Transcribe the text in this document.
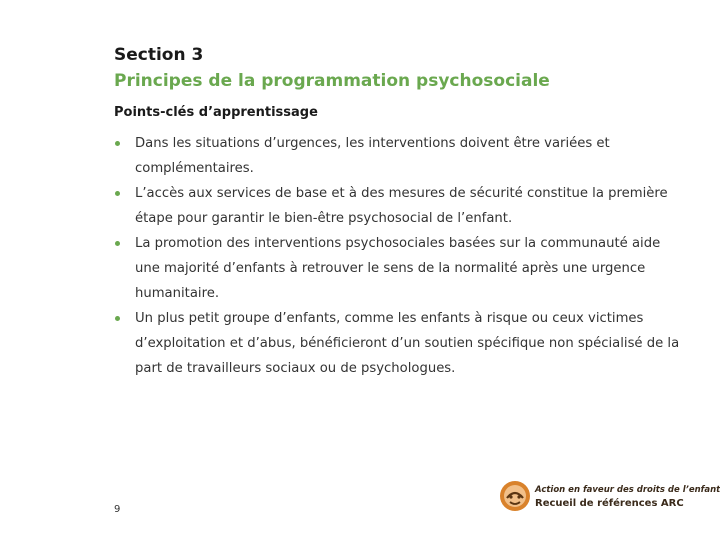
Section 3
Principes de la programmation psychosociale
Points-clés d’apprentissage
Dans les situations d’urgences, les interventions doivent être variées et complémentaires.
L’accès aux services de base et à des mesures de sécurité constitue la première étape pour garantir le bien-être psychosocial de l’enfant.
La promotion des interventions psychosociales basées sur la communauté aide une majorité d’enfants à retrouver le sens de la normalité après une urgence humanitaire.
Un plus petit groupe d’enfants, comme les enfants à risque ou ceux victimes d’exploitation et d’abus, bénéficieront d’un soutien spécifique non spécialisé de la part de travailleurs sociaux ou de psychologues.
9
Action en faveur des droits de l’enfant
Recueil de références ARC
